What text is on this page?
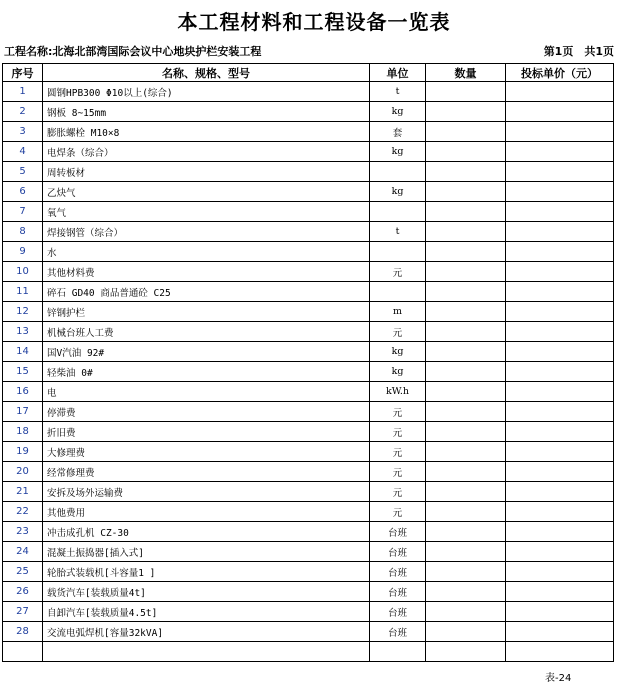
本工程材料和工程设备一览表
工程名称:北海北部湾国际会议中心地块护栏安装工程	第1页　共1页
序号	名称、规格、型号	单位	数量	投标单价（元）
1	圆钢HPB300 Φ10以上(综合)	t		
2	钢板 8~15mm	kg		
3	膨胀螺栓 M10×8	套		
4	电焊条（综合）	kg		
5	周转板材			
6	乙炔气	kg		
7	氧气			
8	焊接钢管（综合）	t		
9	水			
10	其他材料费	元		
11	碎石 GD40 商品普通砼 C25			
12	锌钢护栏	m		
13	机械台班人工费	元		
14	国V汽油 92#	kg		
15	轻柴油 0#	kg		
16	电	kW.h		
17	停滞费	元		
18	折旧费	元		
19	大修理费	元		
20	经常修理费	元		
21	安拆及场外运输费	元		
22	其他费用	元		
23	冲击成孔机 CZ-30	台班		
24	混凝土振捣器[插入式]	台班		
25	轮胎式装载机[斗容量1 ]	台班		
26	载货汽车[装载质量4t]	台班		
27	自卸汽车[装载质量4.5t]	台班		
28	交流电弧焊机[容量32kVA]	台班		

表-24
